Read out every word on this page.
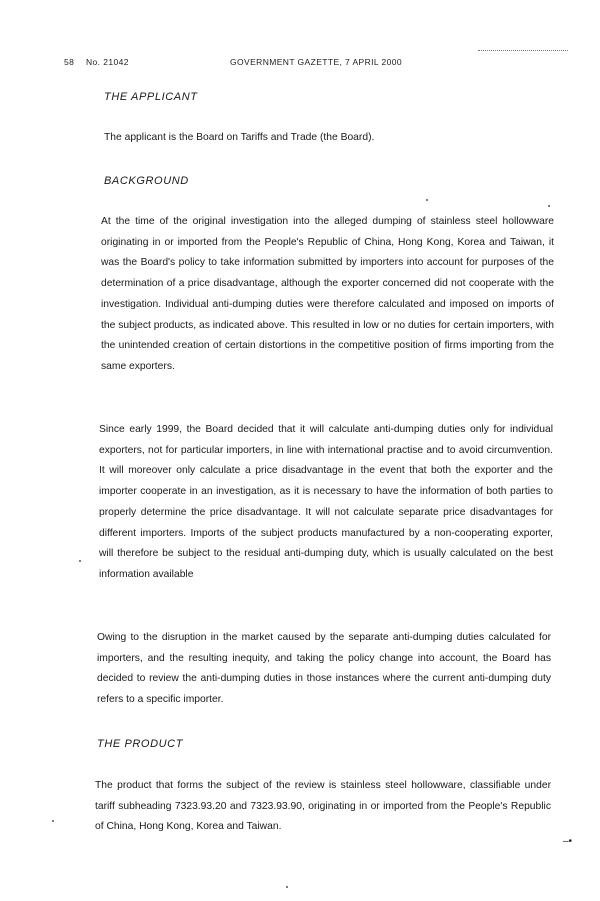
58 No. 21042	GOVERNMENT GAZETTE, 7 APRIL 2000
THE APPLICANT
The applicant is the Board on Tariffs and Trade (the Board).
BACKGROUND
At the time of the original investigation into the alleged dumping of stainless steel hollowware originating in or imported from the People's Republic of China, Hong Kong, Korea and Taiwan, it was the Board's policy to take information submitted by importers into account for purposes of the determination of a price disadvantage, although the exporter concerned did not cooperate with the investigation. Individual anti-dumping duties were therefore calculated and imposed on imports of the subject products, as indicated above. This resulted in low or no duties for certain importers, with the unintended creation of certain distortions in the competitive position of firms importing from the same exporters.
Since early 1999, the Board decided that it will calculate anti-dumping duties only for individual exporters, not for particular importers, in line with international practise and to avoid circumvention. It will moreover only calculate a price disadvantage in the event that both the exporter and the importer cooperate in an investigation, as it is necessary to have the information of both parties to properly determine the price disadvantage. It will not calculate separate price disadvantages for different importers. Imports of the subject products manufactured by a non-cooperating exporter, will therefore be subject to the residual anti-dumping duty, which is usually calculated on the best information available
Owing to the disruption in the market caused by the separate anti-dumping duties calculated for importers, and the resulting inequity, and taking the policy change into account, the Board has decided to review the anti-dumping duties in those instances where the current anti-dumping duty refers to a specific importer.
THE PRODUCT
The product that forms the subject of the review is stainless steel hollowware, classifiable under tariff subheading 7323.93.20 and 7323.93.90, originating in or imported from the People's Republic of China, Hong Kong, Korea and Taiwan.
–•
